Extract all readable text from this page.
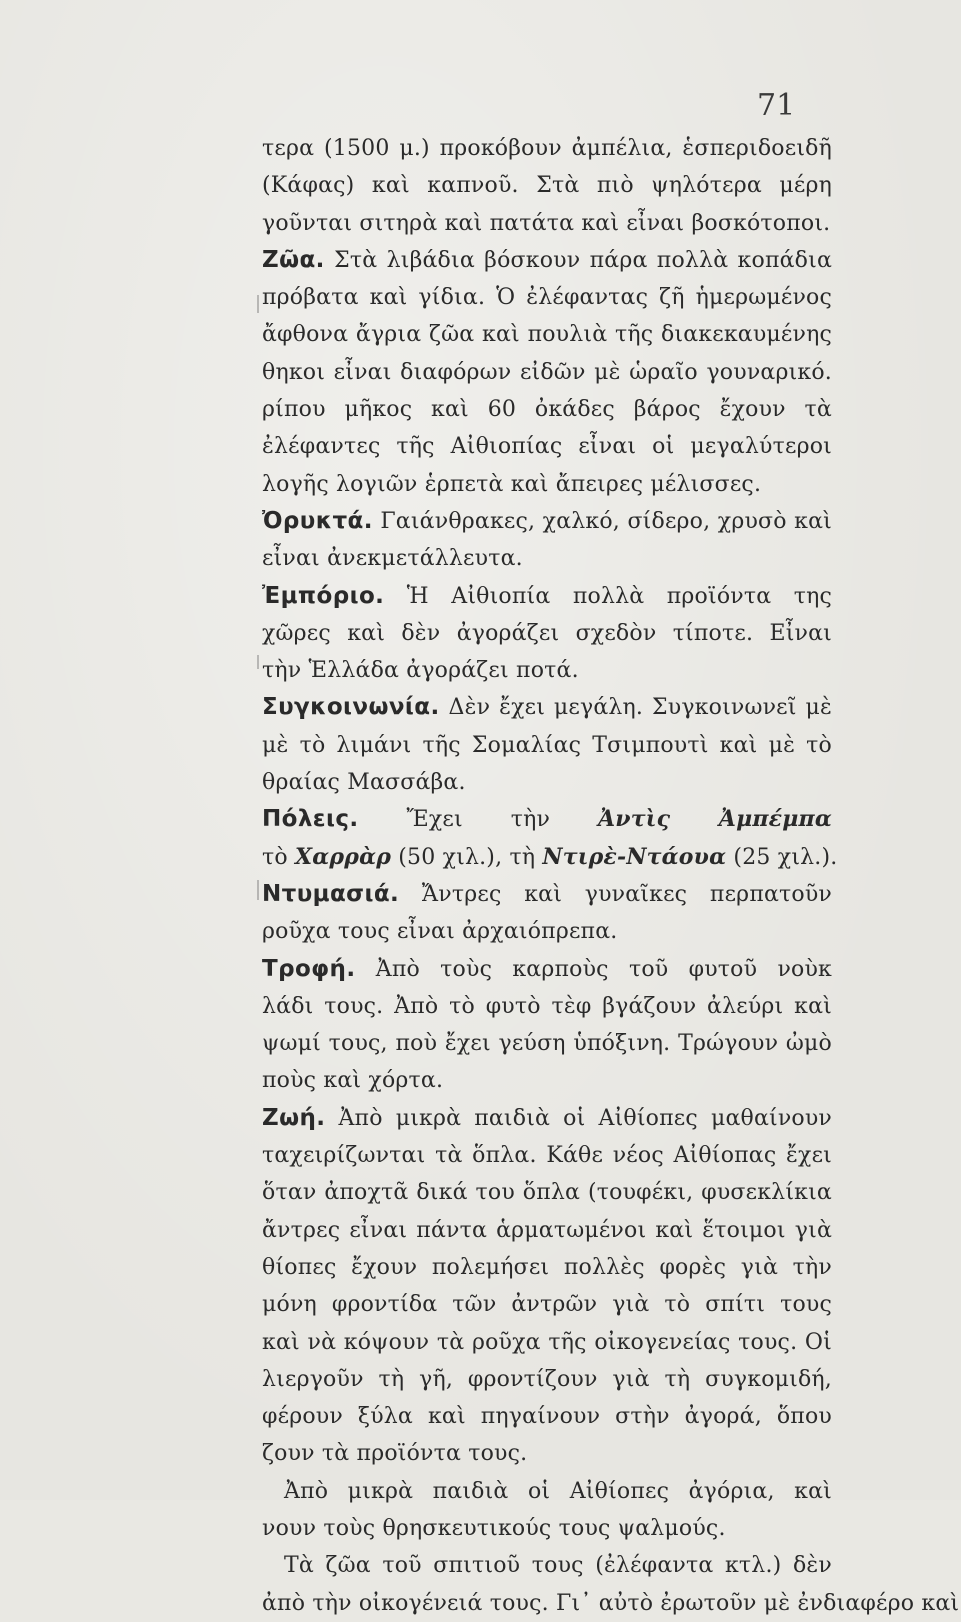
71
τερα (1500 μ.) προκόβουν ἀμπέλια, ἑσπεριδοειδῆ
(Κάφας) καὶ καπνοῦ. Στὰ πιὸ ψηλότερα μέρη
γοῦνται σιτηρὰ καὶ πατάτα καὶ εἶναι βοσκότοποι.
Ζῶα. Στὰ λιβάδια βόσκουν πάρα πολλὰ κοπάδια
πρόβατα καὶ γίδια. Ὁ ἐλέφαντας ζῆ ἡμερωμένος
ἄφθονα ἄγρια ζῶα καὶ πουλιὰ τῆς διακεκαυμένης
θηκοι εἶναι διαφόρων εἰδῶν μὲ ὡραῖο γουναρικό.
ρίπου μῆκος καὶ 60 ὀκάδες βάρος ἔχουν τὰ
ἐλέφαντες τῆς Αἰθιοπίας εἶναι οἱ μεγαλύτεροι
λογῆς λογιῶν ἑρπετὰ καὶ ἄπειρες μέλισσες.
Ὀρυκτά. Γαιάνθρακες, χαλκό, σίδερο, χρυσὸ καὶ
εἶναι ἀνεκμετάλλευτα.
Ἐμπόριο. Ἡ Αἰθιοπία πολλὰ προϊόντα της
χῶρες καὶ δὲν ἀγοράζει σχεδὸν τίποτε. Εἶναι
τὴν Ἑλλάδα ἀγοράζει ποτά.
Συγκοινωνία. Δὲν ἔχει μεγάλη. Συγκοινωνεῖ μὲ
μὲ τὸ λιμάνι τῆς Σομαλίας Τσιμπουτὶ καὶ μὲ τὸ
θραίας Μασσάβα.
Πόλεις. Ἔχει τὴν Ἀντὶς Ἀμπέμπα
τὸ Χαρρὰρ (50 χιλ.), τὴ Ντιρὲ-Ντάουα (25 χιλ.).
Ντυμασιά. Ἄντρες καὶ γυναῖκες περπατοῦν
ροῦχα τους εἶναι ἀρχαιόπρεπα.
Τροφή. Ἀπὸ τοὺς καρποὺς τοῦ φυτοῦ νοὺκ
λάδι τους. Ἀπὸ τὸ φυτὸ τὲφ βγάζουν ἀλεύρι καὶ
ψωμί τους, ποὺ ἔχει γεύση ὑπόξινη. Τρώγουν ὠμὸ
ποὺς καὶ χόρτα.
Ζωή. Ἀπὸ μικρὰ παιδιὰ οἱ Αἰθίοπες μαθαίνουν
ταχειρίζωνται τὰ ὅπλα. Κάθε νέος Αἰθίοπας ἔχει
ὅταν ἀποχτᾶ δικά του ὅπλα (τουφέκι, φυσεκλίκια
ἄντρες εἶναι πάντα ἁρματωμένοι καὶ ἕτοιμοι γιὰ
θίοπες ἔχουν πολεμήσει πολλὲς φορὲς γιὰ τὴν
μόνη φροντίδα τῶν ἀντρῶν γιὰ τὸ σπίτι τους
καὶ νὰ κόψουν τὰ ροῦχα τῆς οἰκογενείας τους. Οἱ
λιεργοῦν τὴ γῆ, φροντίζουν γιὰ τὴ συγκομιδή,
φέρουν ξύλα καὶ πηγαίνουν στὴν ἀγορά, ὅπου
ζουν τὰ προϊόντα τους.
Ἀπὸ μικρὰ παιδιὰ οἱ Αἰθίοπες ἀγόρια, καὶ
νουν τοὺς θρησκευτικούς τους ψαλμούς.
Τὰ ζῶα τοῦ σπιτιοῦ τους (ἐλέφαντα κτλ.) δὲν
ἀπὸ τὴν οἰκογένειά τους. Γι᾽ αὐτὸ ἐρωτοῦν μὲ ἐνδιαφέρο καὶ
